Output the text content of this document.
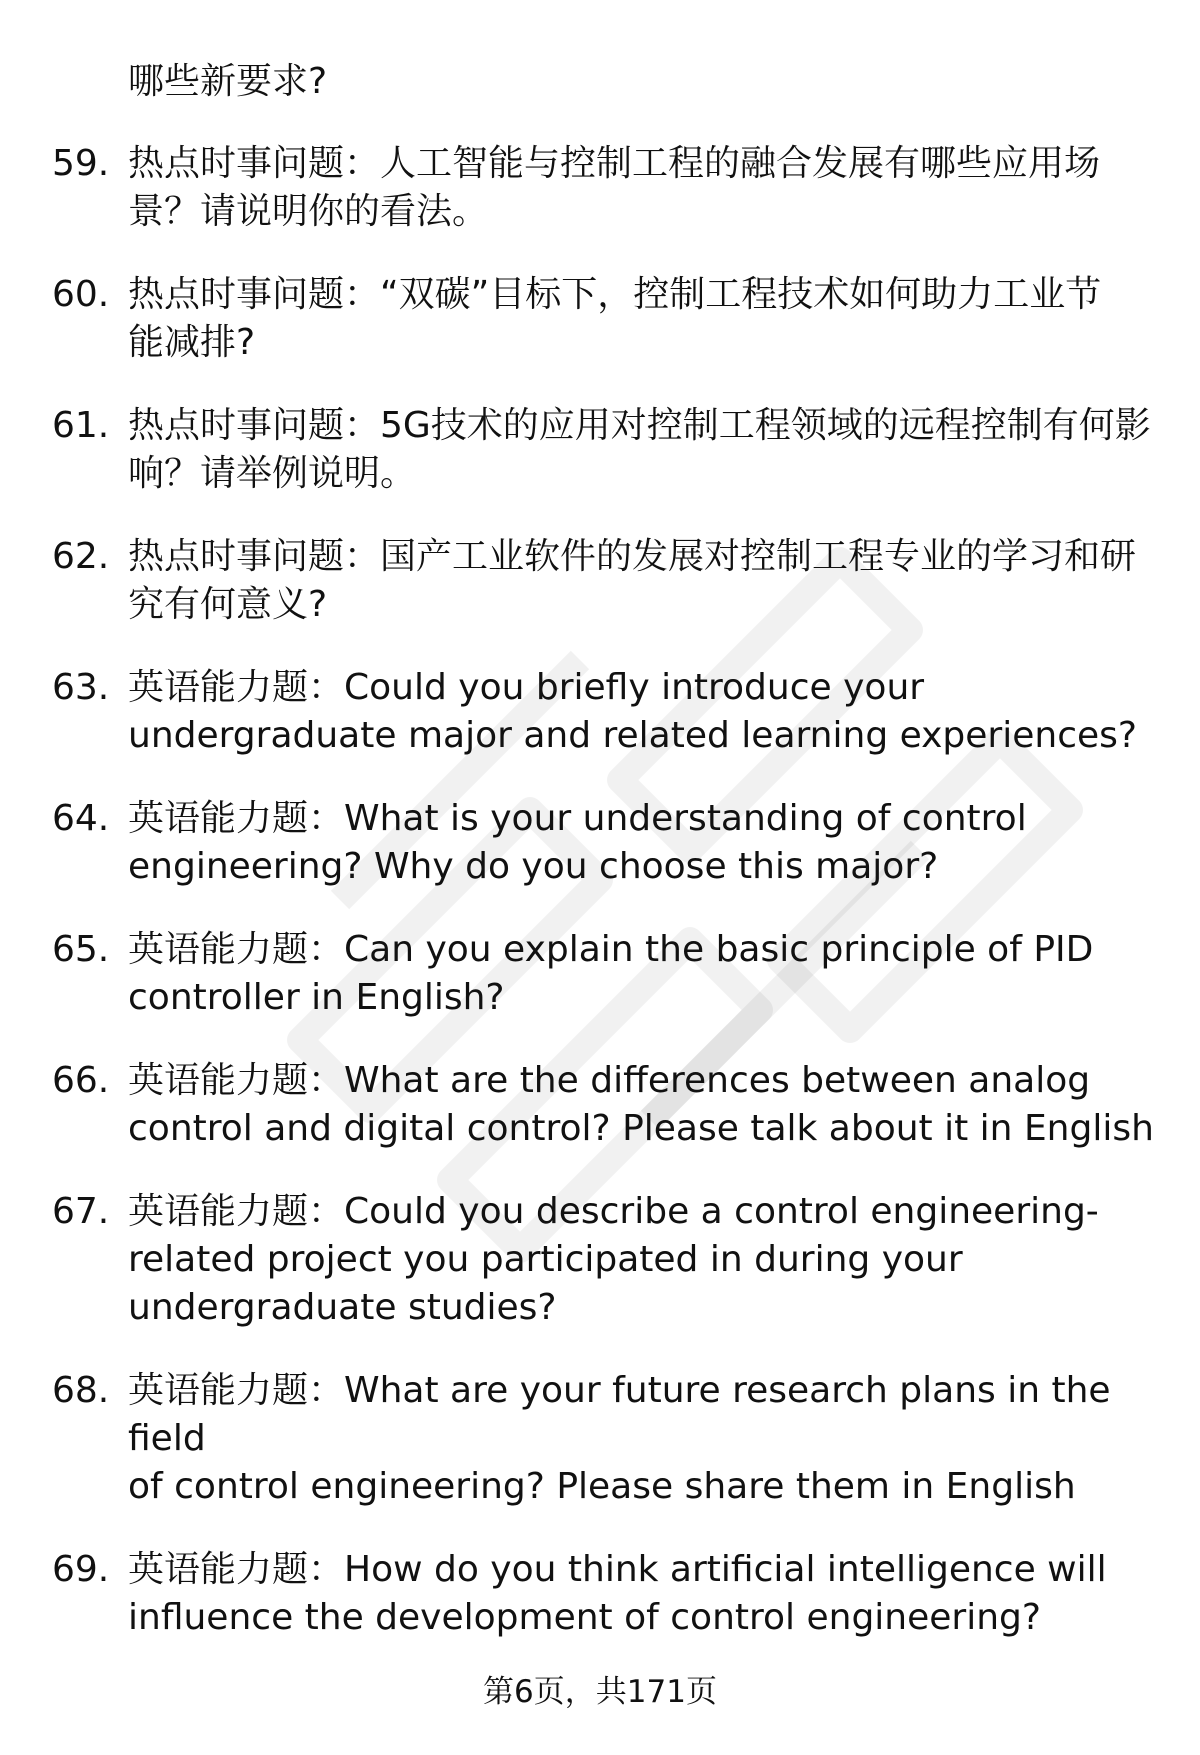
哪些新要求?
59. 热点时事问题：人工智能与控制工程的融合发展有哪些应用场
景？请说明你的看法。
60. 热点时事问题：“双碳”目标下，控制工程技术如何助力工业节
能减排?
61. 热点时事问题：5G技术的应用对控制工程领域的远程控制有何影
响？请举例说明。
62. 热点时事问题：国产工业软件的发展对控制工程专业的学习和研
究有何意义?
63. 英语能力题：Could you briefly introduce your
undergraduate major and related learning experiences?
64. 英语能力题：What is your understanding of control
engineering? Why do you choose this major?
65. 英语能力题：Can you explain the basic principle of PID
controller in English?
66. 英语能力题：What are the differences between analog
control and digital control? Please talk about it in English
67. 英语能力题：Could you describe a control engineering-
related project you participated in during your
undergraduate studies?
68. 英语能力题：What are your future research plans in the field
of control engineering? Please share them in English
69. 英语能力题：How do you think artificial intelligence will
influence the development of control engineering?
第6页，共171页
